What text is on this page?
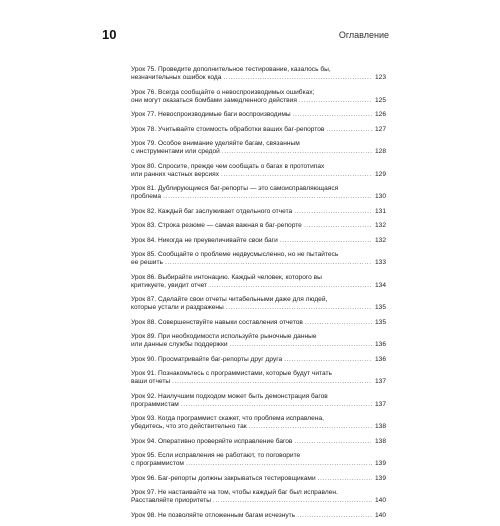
10	Оглавление
Урок 75. Проведите дополнительное тестирование, казалось бы,
незначительных ошибок кода .....	123
Урок 76. Всегда сообщайте о невоспроизводимых ошибках;
они могут оказаться бомбами замедленного действия .....	125
Урок 77. Невоспроизводимые баги воспроизводимы .....	126
Урок 78. Учитывайте стоимость обработки ваших баг-репортов .....	127
Урок 79. Особое внимание уделяйте багам, связанным
с инструментами или средой .....	128
Урок 80. Спросите, прежде чем сообщать о багах в прототипах
или ранних частных версиях .....	129
Урок 81. Дублирующиеся баг-репорты — это самоисправляющаяся
проблема .....	130
Урок 82. Каждый баг заслуживает отдельного отчета .....	131
Урок 83. Строка резюме — самая важная в баг-репорте .....	132
Урок 84. Никогда не преувеличивайте свои баги .....	132
Урок 85. Сообщайте о проблеме недвусмысленно, но не пытайтесь
ее решить .....	133
Урок 86. Выбирайте интонацию. Каждый человек, которого вы
критикуете, увидит отчет .....	134
Урок 87. Сделайте свои отчеты читабельными даже для людей,
которые устали и раздражены .....	135
Урок 88. Совершенствуйте навыки составления отчетов .....	135
Урок 89. При необходимости используйте рыночные данные
или данные службы поддержки .....	136
Урок 90. Просматривайте баг-репорты друг друга .....	136
Урок 91. Познакомьтесь с программистами, которые будут читать
ваши отчеты .....	137
Урок 92. Наилучшим подходом может быть демонстрация багов
программистам .....	137
Урок 93. Когда программист скажет, что проблема исправлена,
убедитесь, что это действительно так .....	138
Урок 94. Оперативно проверяйте исправление багов .....	138
Урок 95. Если исправления не работают, то поговорите
с программистом .....	139
Урок 96. Баг-репорты должны закрываться тестировщиками .....	139
Урок 97. Не настаивайте на том, чтобы каждый баг был исправлен.
Расставляйте приоритеты .....	140
Урок 98. Не позволяйте отложенным багам исчезнуть .....	140
